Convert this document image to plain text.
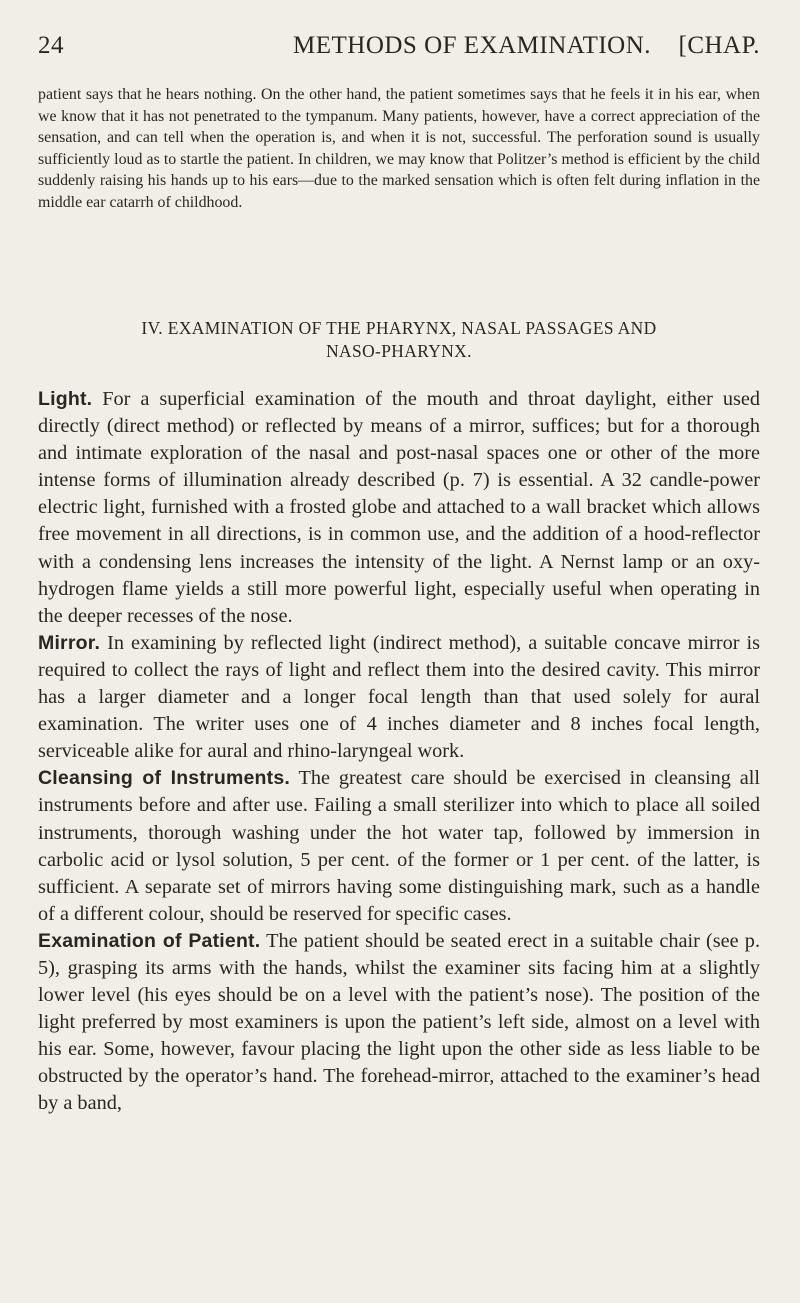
24	METHODS OF EXAMINATION. [CHAP.

patient says that he hears nothing. On the other hand, the patient sometimes says that he feels it in his ear, when we know that it has not penetrated to the tympanum. Many patients, however, have a correct appreciation of the sensation, and can tell when the operation is, and when it is not, successful. The perforation sound is usually sufficiently loud as to startle the patient. In children, we may know that Politzer’s method is efficient by the child suddenly raising his hands up to his ears—due to the marked sensation which is often felt during inflation in the middle ear catarrh of childhood.

IV. EXAMINATION OF THE PHARYNX, NASAL PASSAGES AND

NASO-PHARYNX.

Light. For a superficial examination of the mouth and throat daylight, either used directly (direct method) or reflected by means of a mirror, suffices; but for a thorough and intimate exploration of the nasal and post-nasal spaces one or other of the more intense forms of illumination already described (p. 7) is essential. A 32 candle-power electric light, furnished with a frosted globe and attached to a wall bracket which allows free movement in all directions, is in common use, and the addition of a hood-reflector with a condensing lens increases the intensity of the light. A Nernst lamp or an oxy-hydrogen flame yields a still more powerful light, especially useful when operating in the deeper recesses of the nose.

Mirror. In examining by reflected light (indirect method), a suitable concave mirror is required to collect the rays of light and reflect them into the desired cavity. This mirror has a larger diameter and a longer focal length than that used solely for aural examination. The writer uses one of 4 inches diameter and 8 inches focal length, serviceable alike for aural and rhino-laryngeal work.

Cleansing of Instruments. The greatest care should be exercised in cleansing all instruments before and after use. Failing a small sterilizer into which to place all soiled instruments, thorough washing under the hot water tap, followed by immersion in carbolic acid or lysol solution, 5 per cent. of the former or 1 per cent. of the latter, is sufficient. A separate set of mirrors having some distinguishing mark, such as a handle of a different colour, should be reserved for specific cases.

Examination of Patient. The patient should be seated erect in a suitable chair (see p. 5), grasping its arms with the hands, whilst the examiner sits facing him at a slightly lower level (his eyes should be on a level with the patient’s nose). The position of the light preferred by most examiners is upon the patient’s left side, almost on a level with his ear. Some, however, favour placing the light upon the other side as less liable to be obstructed by the operator’s hand. The forehead-mirror, attached to the examiner’s head by a band,
